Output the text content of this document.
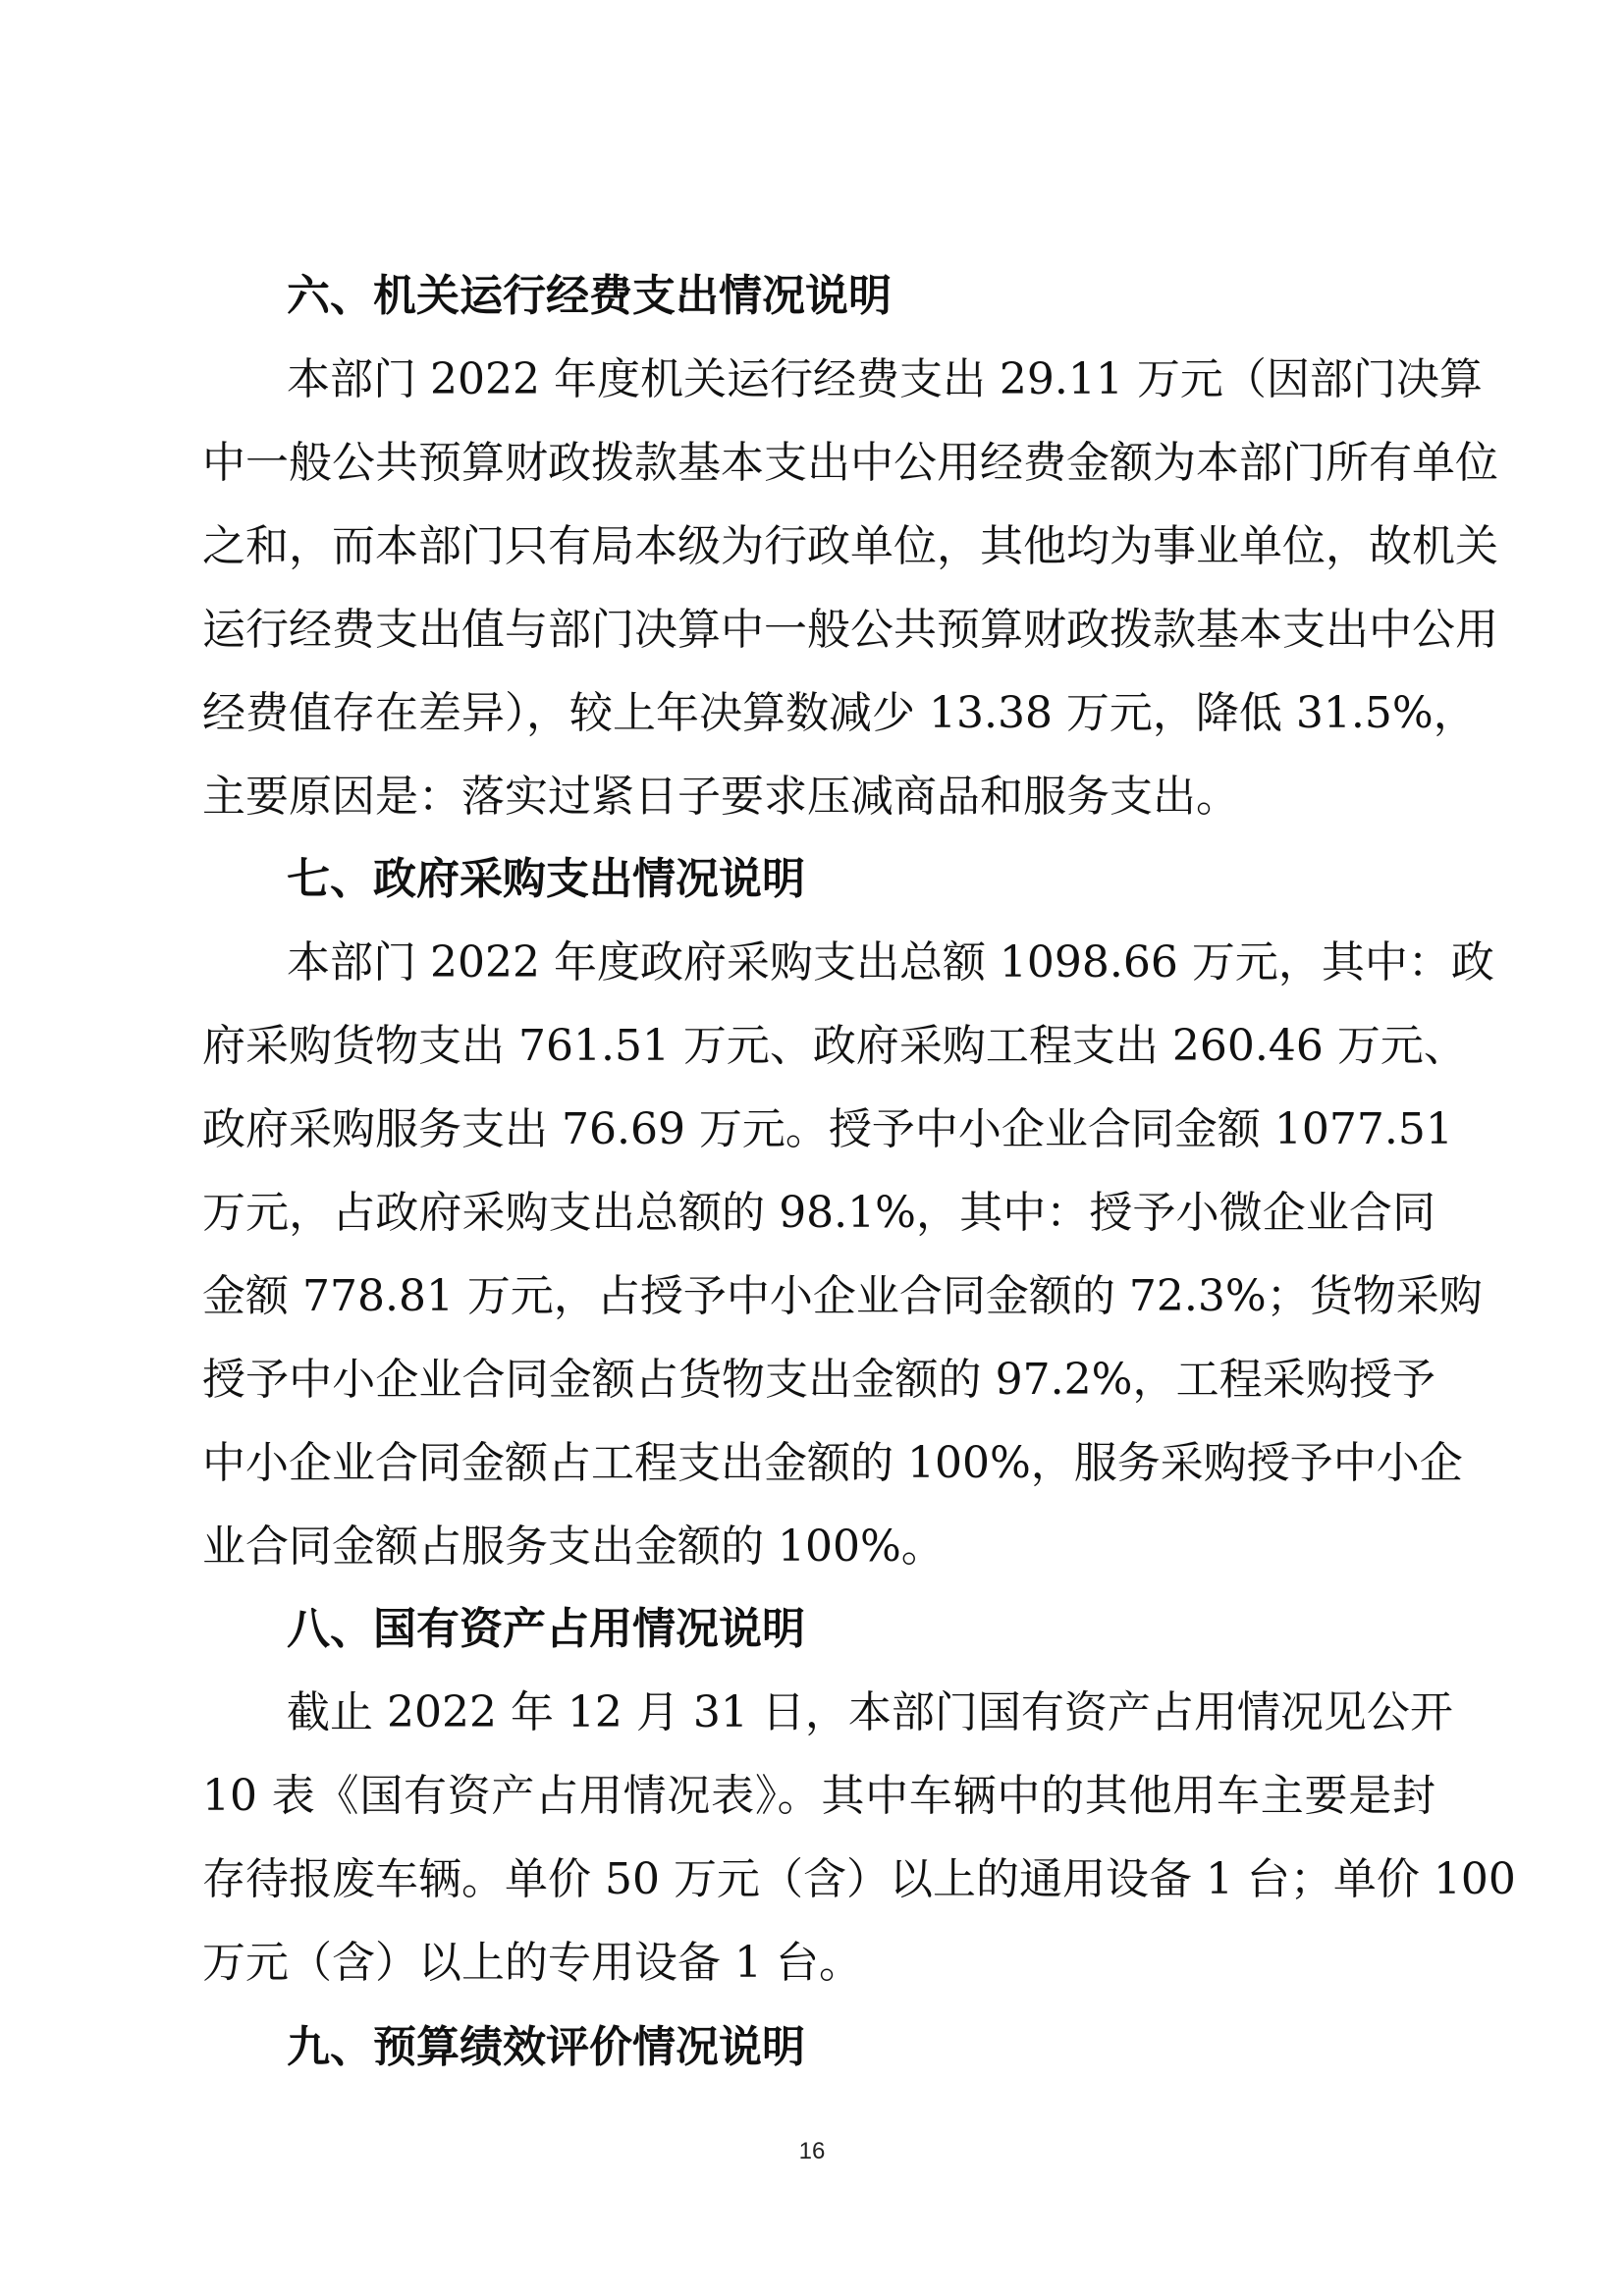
六、机关运行经费支出情况说明
本部门 2022 年度机关运行经费支出 29.11 万元（因部门决算
中一般公共预算财政拨款基本支出中公用经费金额为本部门所有单位
之和，而本部门只有局本级为行政单位，其他均为事业单位，故机关
运行经费支出值与部门决算中一般公共预算财政拨款基本支出中公用
经费值存在差异），较上年决算数减少 13.38 万元，降低 31.5%，
主要原因是：落实过紧日子要求压减商品和服务支出。
七、政府采购支出情况说明
本部门 2022 年度政府采购支出总额 1098.66 万元，其中：政
府采购货物支出 761.51 万元、政府采购工程支出 260.46 万元、
政府采购服务支出 76.69 万元。授予中小企业合同金额 1077.51
万元，占政府采购支出总额的 98.1%，其中：授予小微企业合同
金额 778.81 万元，占授予中小企业合同金额的 72.3%；货物采购
授予中小企业合同金额占货物支出金额的 97.2%，工程采购授予
中小企业合同金额占工程支出金额的 100%，服务采购授予中小企
业合同金额占服务支出金额的 100%。
八、国有资产占用情况说明
截止 2022 年 12 月 31 日，本部门国有资产占用情况见公开
10 表《国有资产占用情况表》。其中车辆中的其他用车主要是封
存待报废车辆。单价 50 万元（含）以上的通用设备 1 台；单价 100
万元（含）以上的专用设备 1 台。
九、预算绩效评价情况说明
16
